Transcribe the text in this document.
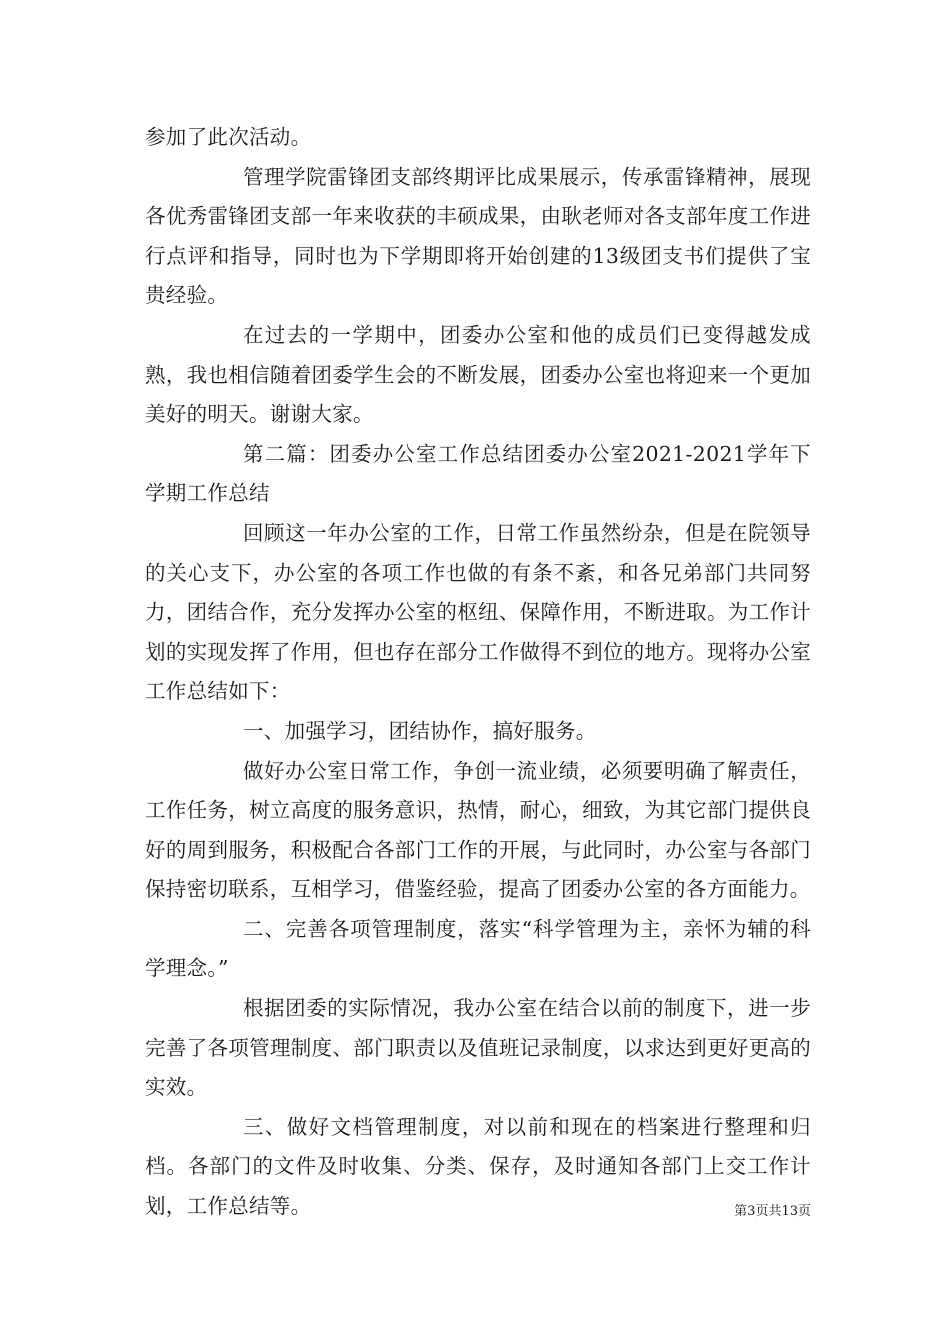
参加了此次活动。

管理学院雷锋团支部终期评比成果展示，传承雷锋精神，展现各优秀雷锋团支部一年来收获的丰硕成果，由耿老师对各支部年度工作进行点评和指导，同时也为下学期即将开始创建的13级团支书们提供了宝贵经验。

在过去的一学期中，团委办公室和他的成员们已变得越发成熟，我也相信随着团委学生会的不断发展，团委办公室也将迎来一个更加美好的明天。谢谢大家。

第二篇：团委办公室工作总结团委办公室2021-2021学年下学期工作总结

回顾这一年办公室的工作，日常工作虽然纷杂，但是在院领导的关心支下，办公室的各项工作也做的有条不紊，和各兄弟部门共同努力，团结合作，充分发挥办公室的枢纽、保障作用，不断进取。为工作计划的实现发挥了作用，但也存在部分工作做得不到位的地方。现将办公室工作总结如下：

一、加强学习，团结协作，搞好服务。

做好办公室日常工作，争创一流业绩，必须要明确了解责任，工作任务，树立高度的服务意识，热情，耐心，细致，为其它部门提供良好的周到服务，积极配合各部门工作的开展，与此同时，办公室与各部门保持密切联系，互相学习，借鉴经验，提高了团委办公室的各方面能力。

二、完善各项管理制度，落实“科学管理为主，亲怀为辅的科学理念。”

根据团委的实际情况，我办公室在结合以前的制度下，进一步完善了各项管理制度、部门职责以及值班记录制度，以求达到更好更高的实效。

三、做好文档管理制度，对以前和现在的档案进行整理和归档。各部门的文件及时收集、分类、保存，及时通知各部门上交工作计划，工作总结等。	第3页共13页
